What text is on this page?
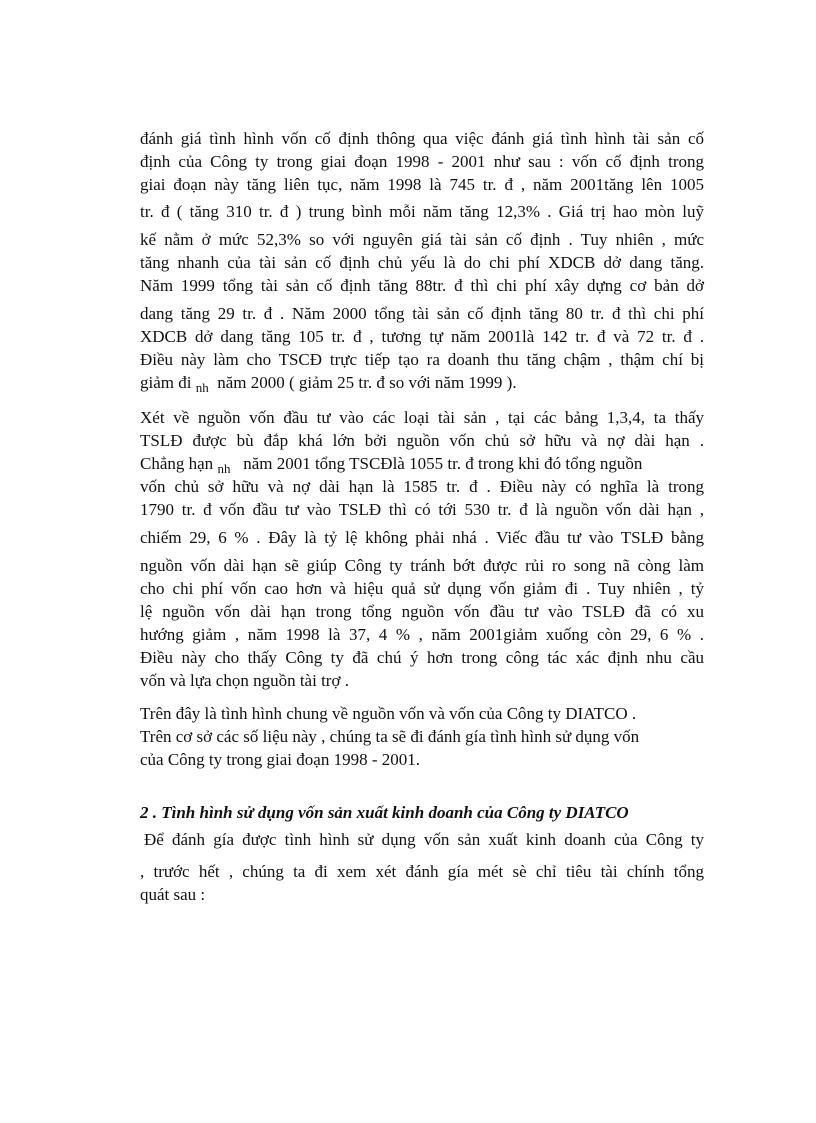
đánh giá tình hình vốn cố định thông qua việc đánh giá tình hình tài sản cố
định của Công ty trong giai đoạn 1998 - 2001 như sau : vốn cố định trong
giai đoạn này tăng liên tục, năm 1998 là 745 tr. đ , năm 2001tăng lên 1005
tr. đ ( tăng 310 tr. đ ) trung bình mỗi năm tăng 12,3% . Giá trị hao mòn luỹ
kế nằm ở mức 52,3% so với nguyên giá tài sản cố định . Tuy nhiên , mức
tăng nhanh của tài sản cố định chủ yếu là do chi phí XDCB dở dang tăng.
Năm 1999 tổng tài sản cố định tăng 88tr. đ thì chi phí xây dựng cơ bản dở
dang tăng 29 tr. đ . Năm 2000 tổng tài sản cố định tăng 80 tr. đ thì chi phí
XDCB dở dang tăng 105 tr. đ , tương tự năm 2001là 142 tr. đ và 72 tr. đ .
Điều này làm cho TSCĐ trực tiếp tạo ra doanh thu tăng chậm , thậm chí bị
giảm đi $_{nh}$ năm 2000 ( giảm 25 tr. đ so với năm 1999 ).
Xét về nguồn vốn đầu tư vào các loại tài sản , tại các bảng 1,3,4, ta thấy
TSLĐ được bù đắp khá lớn bởi nguồn vốn chủ sở hữu và nợ dài hạn .
Chẳng hạn $_{nh}$ năm 2001 tổng TSCĐlà 1055 tr. đ trong khi đó tổng nguồn
vốn chủ sở hữu và nợ dài hạn là 1585 tr. đ . Điều này có nghĩa là trong
1790 tr. đ vốn đầu tư vào TSLĐ thì có tới 530 tr. đ là nguồn vốn dài hạn ,
chiếm 29, 6 % . Đây là tỷ lệ không phải nhá . Viếc đầu tư vào TSLĐ bằng
nguồn vốn dài hạn sẽ giúp Công ty tránh bớt được rủi ro song nã còng làm
cho chi phí vốn cao hơn và hiệu quả sử dụng vốn giảm đi . Tuy nhiên , tỷ
lệ nguồn vốn dài hạn trong tổng nguồn vốn đầu tư vào TSLĐ đã có xu
hướng giảm , năm 1998 là 37, 4 % , năm 2001giảm xuống còn 29, 6 % .
Điều này cho thấy Công ty đã chú ý hơn trong công tác xác định nhu cầu
vốn và lựa chọn nguồn tài trợ .
Trên đây là tình hình chung về nguồn vốn và vốn của Công ty DIATCO .
Trên cơ sở các số liệu này , chúng ta sẽ đi đánh gía tình hình sử dụng vốn
của Công ty trong giai đoạn 1998 - 2001.
2 . Tình hình sử dụng vốn sản xuất kinh doanh của Công ty DIATCO
Để đánh gía được tình hình sử dụng vốn sản xuất kinh doanh của Công ty
, trước hết , chúng ta đi xem xét đánh gía mét sè chỉ tiêu tài chính tổng
quát sau :
